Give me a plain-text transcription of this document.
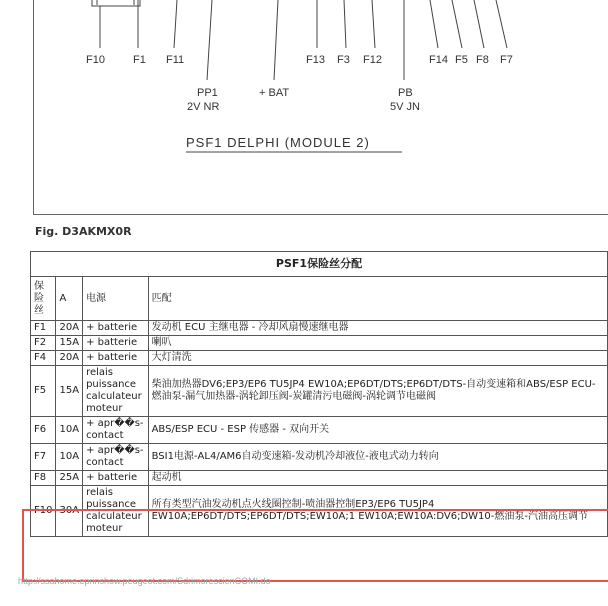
F10	F1 F11	F13 F3 F12	F14 F5 F8 F7
PP1
2V NR
+ BAT	PB
5V JN
PSF1 DELPHI (MODULE 2)
Fig. D3AKMX0R
PSF1保险丝分配			
保险丝	A	电源	匹配
F1	20A	+ batterie	发动机 ECU 主继电器 - 冷却风扇慢速继电器
F2	15A	+ batterie	喇叭
F4	20A	+ batterie	大灯清洗
F5	15A	relais puissance calculateur moteur	柴油加热器DV6;EP3/EP6 TU5JP4 EW10A;EP6DT/DTS;EP6DT/DTS-自动变速箱和ABS/ESP ECU-燃油泵-漏气加热器-涡轮卸压阀-炭罐清污电磁阀-涡轮调节电磁阀
F6	10A	+ apr��s-contact	ABS/ESP ECU - ESP 传感器 - 双向开关
F7	10A	+ apr��s-contact	BSI1电源-AL4/AM6自动变速箱-发动机冷却液位-液电式动力转向
F8	25A	+ batterie	起动机
F10	30A	relais puissance calculateur moteur	所有类型汽油发动机点火线圈控制-喷油器控制EP3/EP6 TU5JP4 EW10A;EP6DT/DTS;EP6DT/DTS;EW10A;1 EW10A;EW10A:DV6;DW10-燃油泵-汽油高压调节
http://ssahome.eprinshow.peugeot.com/SdrimorescienCOMI.do
